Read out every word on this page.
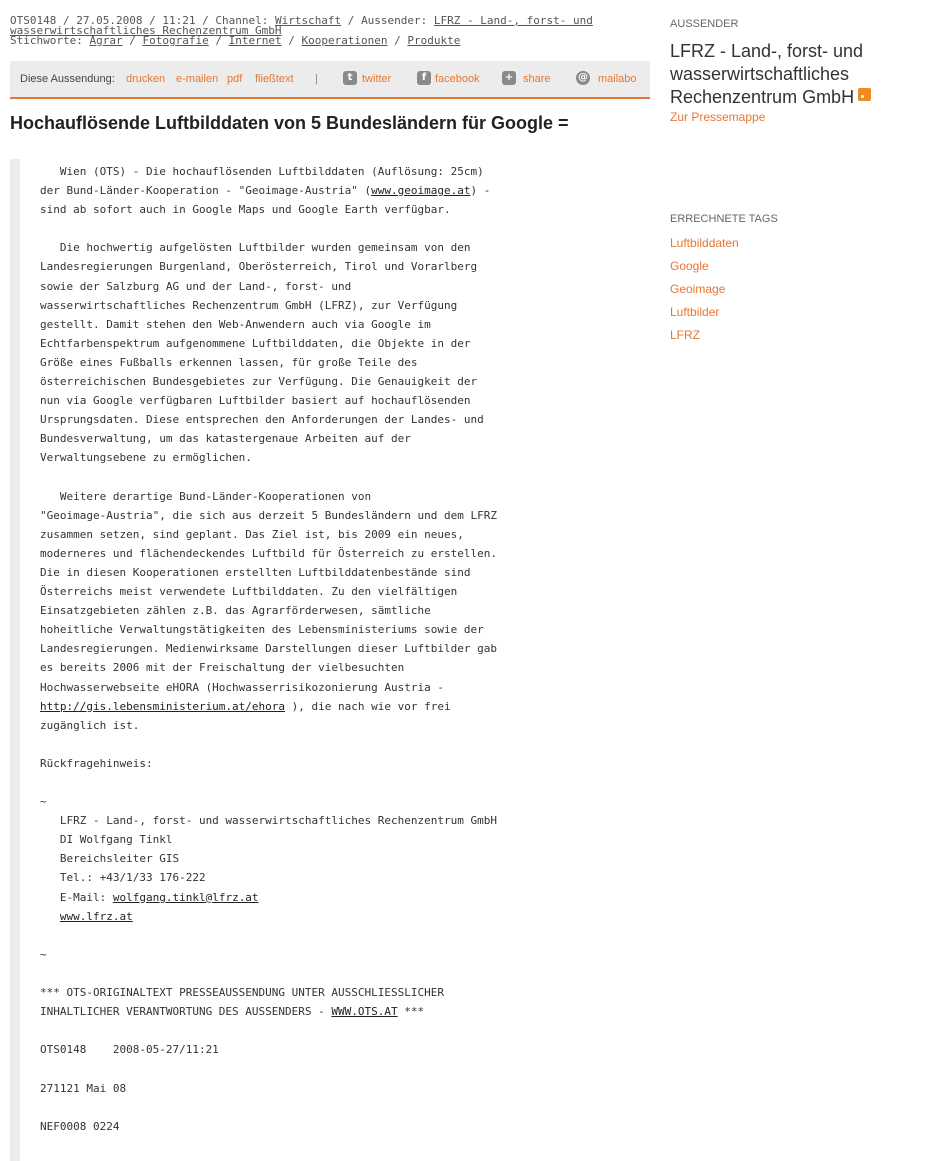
OTS0148 / 27.05.2008 / 11:21 / Channel: Wirtschaft / Aussender: LFRZ - Land-, forst- und
wasserwirtschaftliches Rechenzentrum GmbH
Stichworte: Agrar / Fotografie / Internet / Kooperationen / Produkte
Diese Aussendung: drucken e-mailen pdf fließtext |	t twitter	f facebook	+ share	@ mailabo
Hochauflösende Luftbilddaten von 5 Bundesländern für Google =
Wien (OTS) - Die hochauflösenden Luftbilddaten (Auflösung: 25cm)
der Bund-Länder-Kooperation - "Geoimage-Austria" (www.geoimage.at) -
sind ab sofort auch in Google Maps und Google Earth verfügbar.

Die hochwertig aufgelösten Luftbilder wurden gemeinsam von den
Landesregierungen Burgenland, Oberösterreich, Tirol und Vorarlberg
sowie der Salzburg AG und der Land-, forst- und
wasserwirtschaftliches Rechenzentrum GmbH (LFRZ), zur Verfügung
gestellt. Damit stehen den Web-Anwendern auch via Google im
Echtfarbenspektrum aufgenommene Luftbilddaten, die Objekte in der
Größe eines Fußballs erkennen lassen, für große Teile des
österreichischen Bundesgebietes zur Verfügung. Die Genauigkeit der
nun via Google verfügbaren Luftbilder basiert auf hochauflösenden
Ursprungsdaten. Diese entsprechen den Anforderungen der Landes- und
Bundesverwaltung, um das katastergenaue Arbeiten auf der
Verwaltungsebene zu ermöglichen.

Weitere derartige Bund-Länder-Kooperationen von
"Geoimage-Austria", die sich aus derzeit 5 Bundesländern und dem LFRZ
zusammen setzen, sind geplant. Das Ziel ist, bis 2009 ein neues,
moderneres und flächendeckendes Luftbild für Österreich zu erstellen.
Die in diesen Kooperationen erstellten Luftbilddatenbestände sind
Österreichs meist verwendete Luftbilddaten. Zu den vielfältigen
Einsatzgebieten zählen z.B. das Agrarförderwesen, sämtliche
hoheitliche Verwaltungstätigkeiten des Lebensministeriums sowie der
Landesregierungen. Medienwirksame Darstellungen dieser Luftbilder gab
es bereits 2006 mit der Freischaltung der vielbesuchten
Hochwasserwebseite eHORA (Hochwasserrisikozonierung Austria -
http://gis.lebensministerium.at/ehora ), die nach wie vor frei
zugänglich ist.

Rückfragehinweis:

~
LFRZ - Land-, forst- und wasserwirtschaftliches Rechenzentrum GmbH
DI Wolfgang Tinkl
Bereichsleiter GIS
Tel.: +43/1/33 176-222
E-Mail: wolfgang.tinkl@lfrz.at
www.lfrz.at

~

*** OTS-ORIGINALTEXT PRESSEAUSSENDUNG UNTER AUSSCHLIESSLICHER
INHALTLICHER VERANTWORTUNG DES AUSSENDERS - WWW.OTS.AT ***

OTS0148    2008-05-27/11:21

271121 Mai 08

NEF0008 0224
AUSSENDER
LFRZ - Land-, forst- und wasserwirtschaftliches Rechenzentrum GmbH
Zur Pressemappe
ERRECHNETE TAGS
Luftbilddaten
Google
Geoimage
Luftbilder
LFRZ
